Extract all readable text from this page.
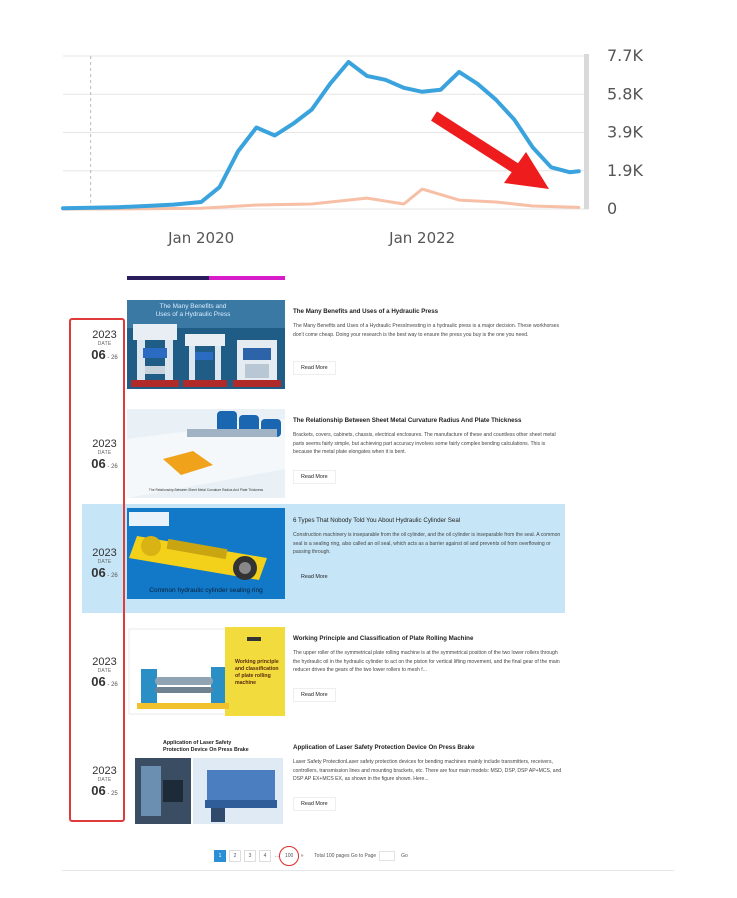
7.7K
5.8K
3.9K
1.9K
0
Jan 2020	Jan 2022
2023
DATE
06 - 26
The Many Benefits and
Uses of a Hydraulic Press	The Many Benefits and Uses of a Hydraulic Press
The Many Benefits and Uses of a Hydraulic PressInvesting in a hydraulic press is a major decision. These workhorses don't come cheap. Doing your research is the best way to ensure the press you buy is the one you need.
Read More
2023
DATE
06 - 26
The Relationship Between Sheet Metal Curvature Radius And Plate Thickness
The Relationship Between Sheet Metal Curvature Radius And Plate Thickness
Brackets, covers, cabinets, chassis, electrical enclosures. The manufacture of these and countless other sheet metal parts seems fairly simple, but achieving part accuracy involves some fairly complex bending calculations. This is because the metal plate elongates when it is bent.
Read More
2023
DATE
06 - 26
Common hydraulic cylinder sealing ring
6 Types That Nobody Told You About Hydraulic Cylinder Seal
Construction machinery is inseparable from the oil cylinder, and the oil cylinder is inseparable from the seal. A common seal is a sealing ring, also called an oil seal, which acts as a barrier against oil and prevents oil from overflowing or passing through.
Read More
2023
DATE
06 - 26
Working principle
and classification
of plate rolling
machine
Working Principle and Classification of Plate Rolling Machine
The upper roller of the symmetrical plate rolling machine is at the symmetrical position of the two lower rollers through the hydraulic oil in the hydraulic cylinder to act on the piston for vertical lifting movement, and the final gear of the main reducer drives the gears of the two lower rollers to mesh f...
Read More
2023
DATE
06 - 25
Application of Laser Safety
Protection Device On Press Brake	Application of Laser Safety Protection Device On Press Brake
Laser Safety ProtectionLaser safety protection devices for bending machines mainly include transmitters, receivers, controllers, transmission lines and mounting brackets, etc. There are four main models: MSD, DSP, DSP AP+MCS, and DSP AP EX+MCS EX, as shown in the figure shown. Here...
Read More
1	2	3	4	...	100	»	Total 100 pages Go to Page	Go
